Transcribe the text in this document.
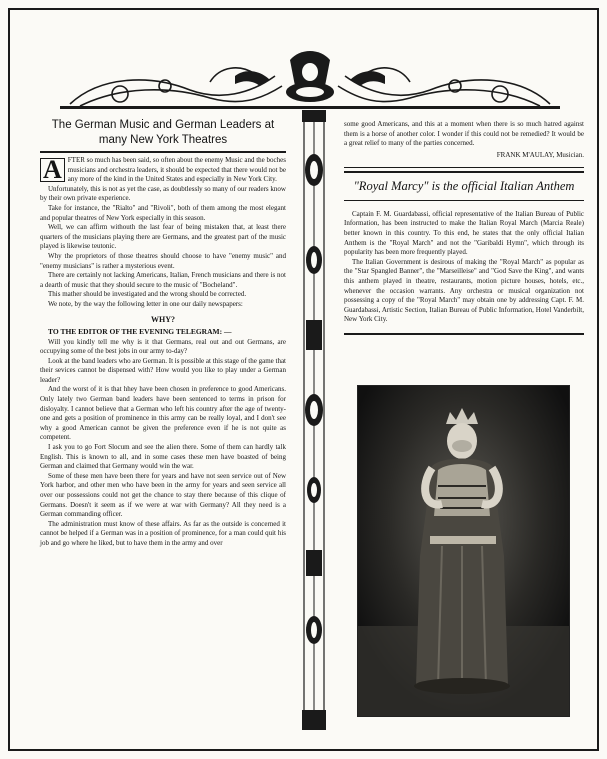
The German Music and German Leaders at many New York Theatres
A FTER so much has been said, so often about the enemy Music and the boches musicians and orchestra leaders, it should be expected that there would not be any more of the kind in the United States and especially in New York City.

Unfortunately, this is not as yet the case, as doubtlessly so many of our readers know by their own private experience.

Take for instance, the "Rialto" and "Rivoli", both of them among the most elegant and popular theatres of New York especially in this season.

Well, we can affirm withouth the last fear of being mistaken that, at least there quarters of the musicians playing there are Germans, and the greatest part of the music played is likewise teutonic.

Why the proprietors of those theatres should choose to have "enemy music" and "enemy musicians" is rather a mysterious event.

There are certainly not lacking Americans, Italian, French musicians and there is not a dearth of music that they should secure to the music of "Bocheland".

This mather should be investigated and the wrong should be corrected.

We note, by the way the following letter in one our daily newspapers:

WHY?
TO THE EDITOR OF THE EVENING TELEGRAM: —

Will you kindly tell me why is it that Germans, real out and out Germans, are occupying some of the best jobs in our army to-day?

Look at the band leaders who are German. It is possible at this stage of the game that their sevices cannot be dispensed with? How would you like to play under a German leader?

And the worst of it is that hhey have been chosen in preference to good Americans. Only lately two German band leaders have been sentenced to terms in prison for disloyalty. I cannot believe that a German who left his country after the age of twenty-one and gets a position of prominence in this army can be really loyal, and I don't see why a good American cannot be given the preference even if he is not quite as competent.

I ask you to go Fort Slocum and see the alien there. Some of them can hardly talk English. This is known to all, and in some cases these men have boasted of being German and claimed that Germany would win the war.

Some of these men have been there for years and have not seen service out of New York harbor, and other men who have been in the army for years and seen service all over our possessions could not get the chance to stay there because of this clique of Germans. Doesn't it seem as if we were at war with Germany? All they need is a German commanding officer.

The administration must know of these affairs. As far as the outside is concerned it cannot be helped if a German was in a position of prominence, for a man could quit his job and go where he liked, but to have them in the army and over

some good Americans, and this at a moment when there is so much hatred against them is a horse of another color. I wonder if this could not be remedied? It would be a great relief to many of the parties concerned.

FRANK M'AULAY, Musician.
"Royal Marcy" is the official Italian Anthem

Captain F. M. Guardabassi, official representative of the Italian Bureau of Public Information, has been instructed to make the Italian Royal March (Marcia Reale) better known in this country. To this end, he states that the only official Italian Anthem is the "Royal March" and not the "Garibaldi Hymn", which through its popularity has been more frequently played.

The Italian Government is desirous of making the "Royal March" as popular as the "Star Spangled Banner", the "Marseilleise" and "God Save the King", and wants this anthem played in theatre, restaurants, motion picture houses, hotels, etc., whenever the occasion warrants. Any orchestra or musical organization not possessing a copy of the "Royal March" may obtain one by addressing Capt. F. M. Guardabassi, Artistic Section, Italian Bureau of Public Information, Hotel Vanderbilt, New York City.
